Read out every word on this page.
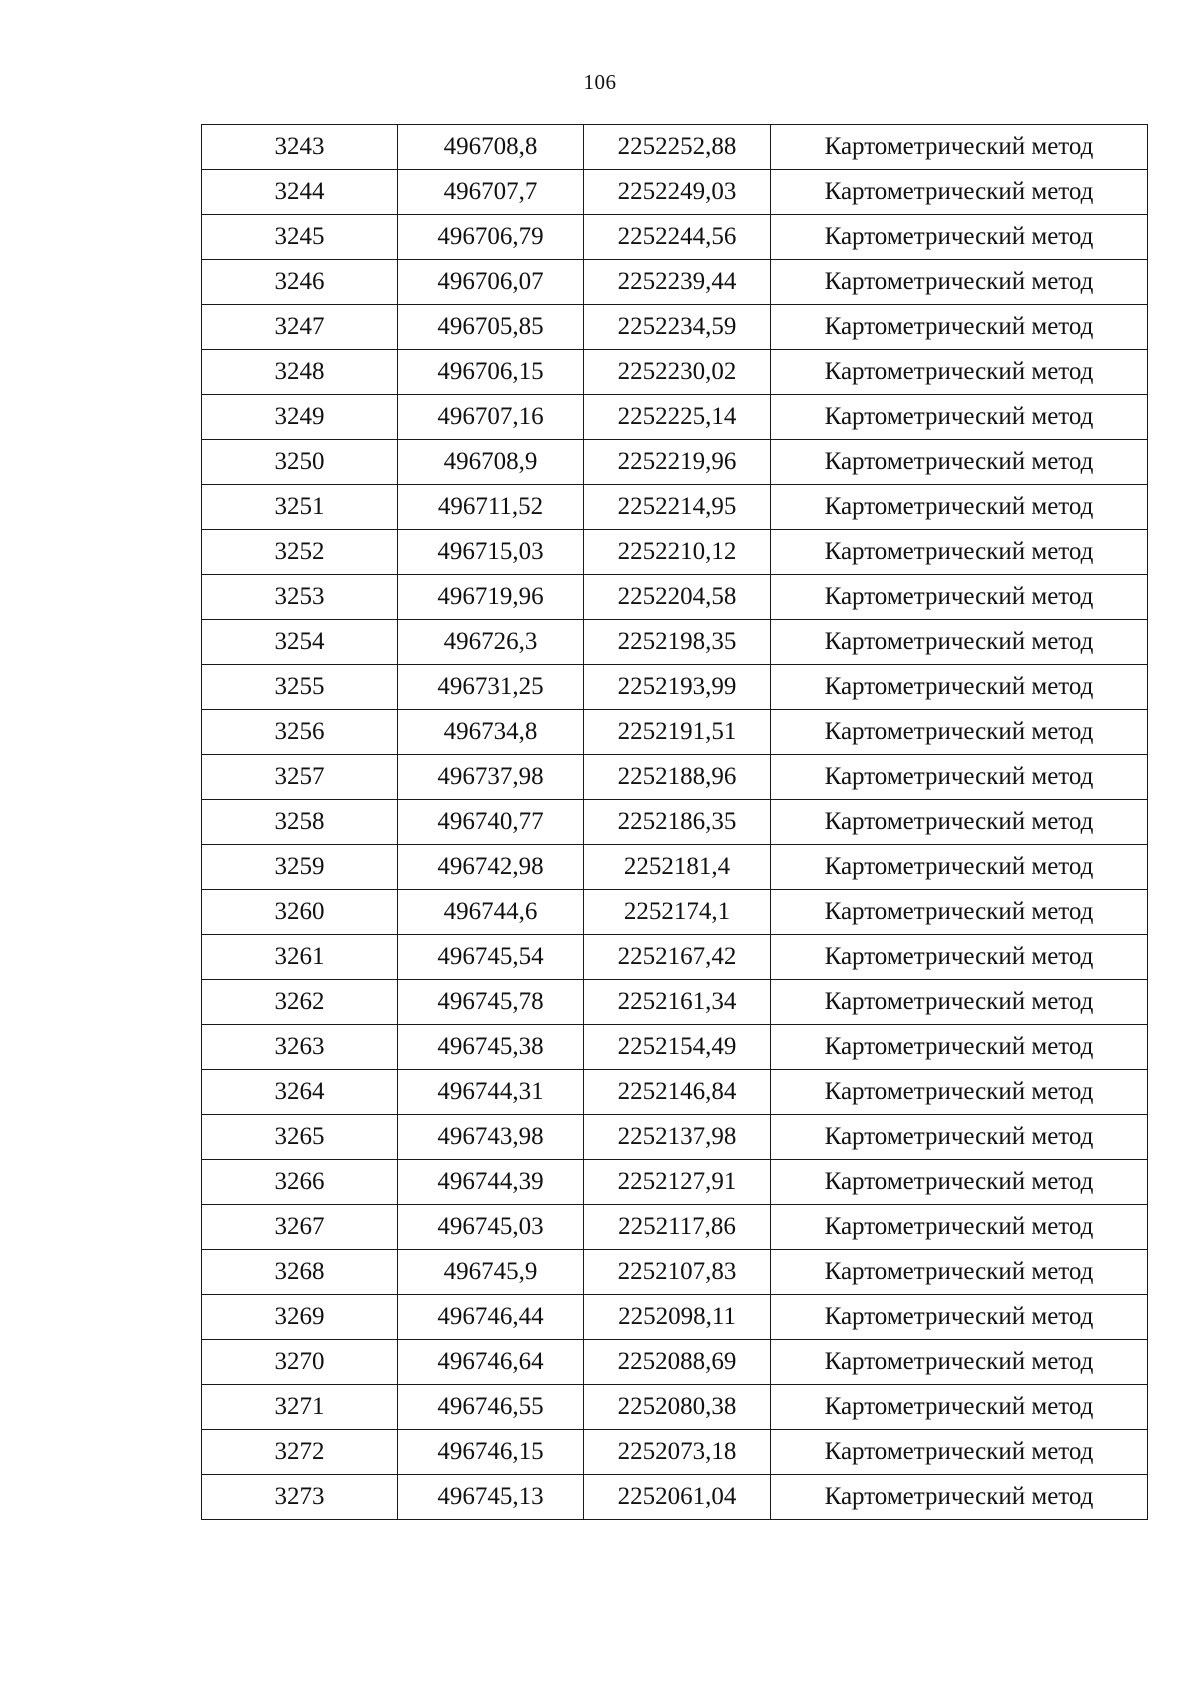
106
3243	496708,8	2252252,88	Картометрический метод
3244	496707,7	2252249,03	Картометрический метод
3245	496706,79	2252244,56	Картометрический метод
3246	496706,07	2252239,44	Картометрический метод
3247	496705,85	2252234,59	Картометрический метод
3248	496706,15	2252230,02	Картометрический метод
3249	496707,16	2252225,14	Картометрический метод
3250	496708,9	2252219,96	Картометрический метод
3251	496711,52	2252214,95	Картометрический метод
3252	496715,03	2252210,12	Картометрический метод
3253	496719,96	2252204,58	Картометрический метод
3254	496726,3	2252198,35	Картометрический метод
3255	496731,25	2252193,99	Картометрический метод
3256	496734,8	2252191,51	Картометрический метод
3257	496737,98	2252188,96	Картометрический метод
3258	496740,77	2252186,35	Картометрический метод
3259	496742,98	2252181,4	Картометрический метод
3260	496744,6	2252174,1	Картометрический метод
3261	496745,54	2252167,42	Картометрический метод
3262	496745,78	2252161,34	Картометрический метод
3263	496745,38	2252154,49	Картометрический метод
3264	496744,31	2252146,84	Картометрический метод
3265	496743,98	2252137,98	Картометрический метод
3266	496744,39	2252127,91	Картометрический метод
3267	496745,03	2252117,86	Картометрический метод
3268	496745,9	2252107,83	Картометрический метод
3269	496746,44	2252098,11	Картометрический метод
3270	496746,64	2252088,69	Картометрический метод
3271	496746,55	2252080,38	Картометрический метод
3272	496746,15	2252073,18	Картометрический метод
3273	496745,13	2252061,04	Картометрический метод
